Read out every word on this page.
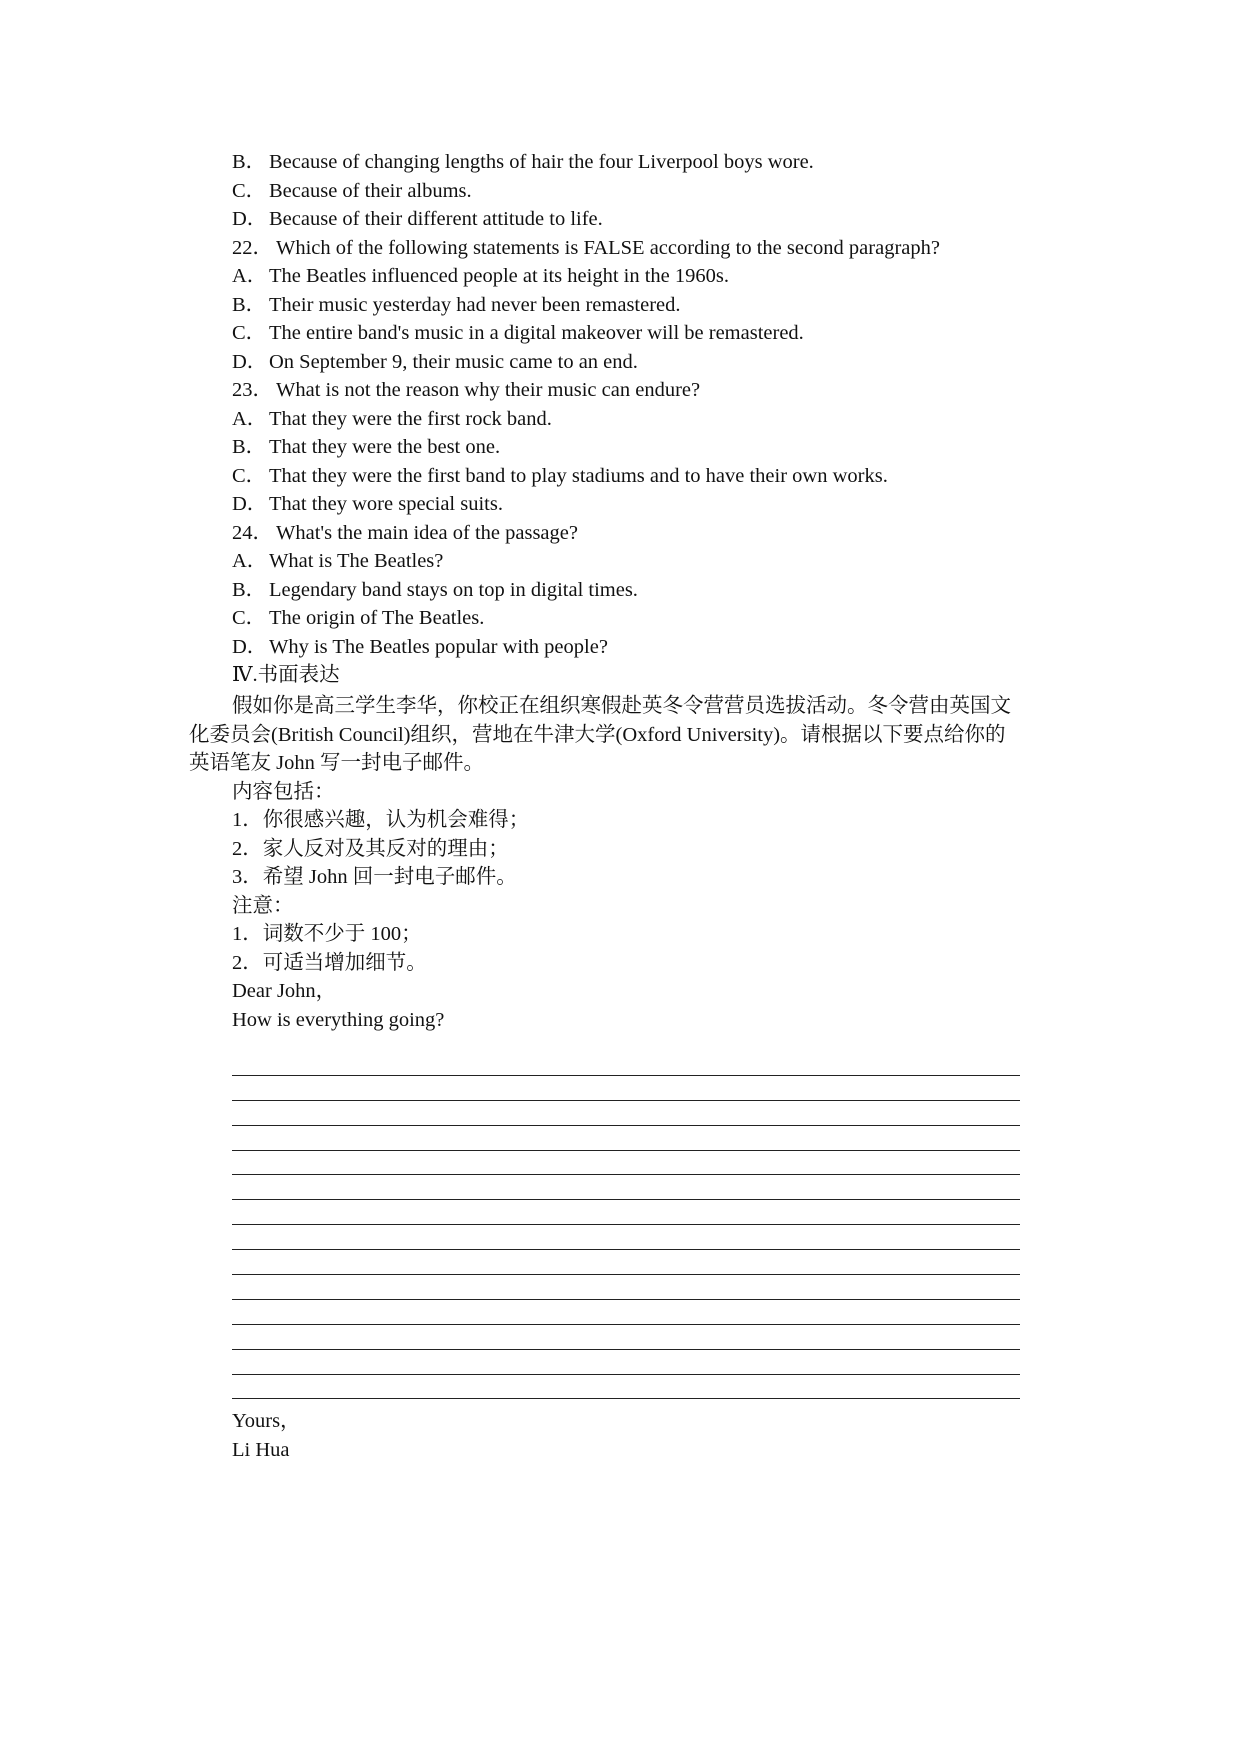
B． Because of changing lengths of hair the four Liverpool boys wore.
C． Because of their albums.
D．Because of their different attitude to life.
22． Which of the following statements is FALSE according to the second paragraph?
A．The Beatles influenced people at its height in the 1960s.
B． Their music yesterday had never been remastered.
C． The entire band's music in a digital makeover will be remastered.
D．On September 9, their music came to an end.
23． What is not the reason why their music can endure?
A．That they were the first rock band.
B． That they were the best one.
C． That they were the first band to play stadiums and to have their own works.
D．That they wore special suits.
24． What's the main idea of the passage?
A．What is The Beatles?
B． Legendary band stays on top in digital times.
C． The origin of The Beatles.
D．Why is The Beatles popular with people?
Ⅳ.书面表达
假如你是高三学生李华，你校正在组织寒假赴英冬令营营员选拔活动。冬令营由英国文
化委员会(British Council)组织，营地在牛津大学(Oxford University)。请根据以下要点给你的
英语笔友 John 写一封电子邮件。
内容包括：
1．你很感兴趣，认为机会难得；
2．家人反对及其反对的理由；
3．希望 John 回一封电子邮件。
注意：
1．词数不少于 100；
2．可适当增加细节。
Dear John，
How is everything going?
Yours，
Li Hua
